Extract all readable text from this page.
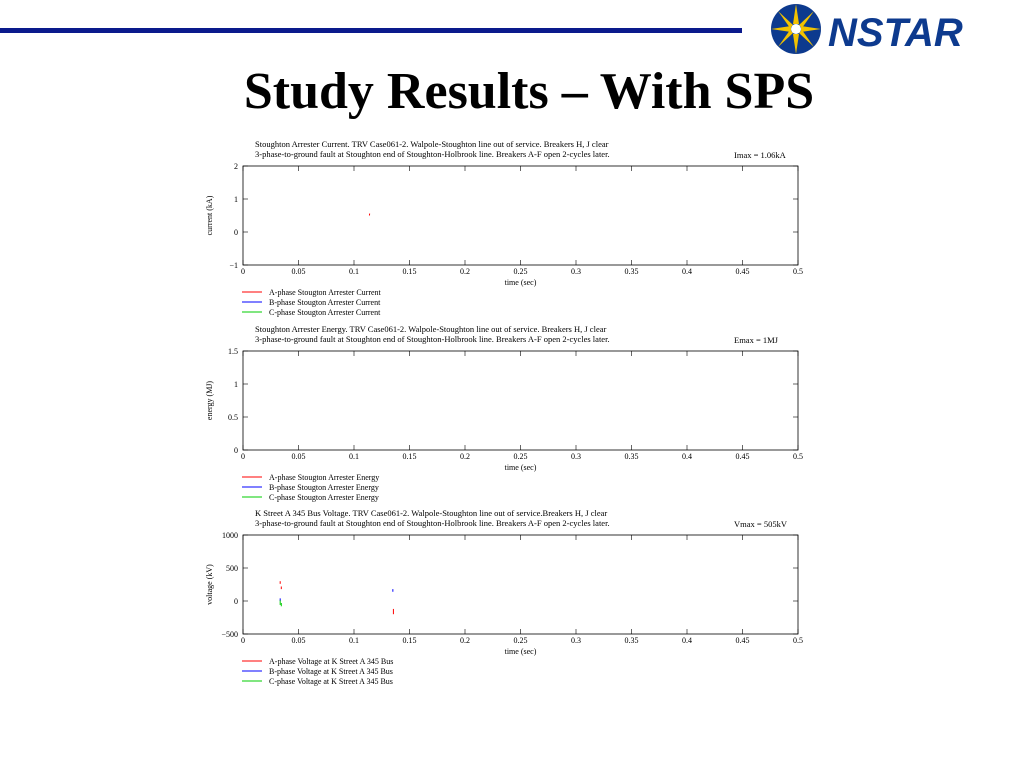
NSTAR
Study Results – With SPS
Stoughton Arrester Current. TRV Case061-2. Walpole-Stoughton line out of service. Breakers H, J clear
3-phase-to-ground fault at Stoughton end of Stoughton-Holbrook line. Breakers A-F open 2-cycles later.	Imax = 1.06kA
0	0.05	0.1	0.15	0.2	0.25	0.3	0.35	0.4	0.45	0.5
−1
0
1
2
time (sec)
current (kA)
A-phase Stougton Arrester Current
B-phase Stougton Arrester Current
C-phase Stougton Arrester Current
Stoughton Arrester Energy. TRV Case061-2. Walpole-Stoughton line out of service. Breakers H, J clear
3-phase-to-ground fault at Stoughton end of Stoughton-Holbrook line. Breakers A-F open 2-cycles later.	Emax = 1MJ
0	0.05	0.1	0.15	0.2	0.25	0.3	0.35	0.4	0.45	0.5
0
0.5
1
1.5
time (sec)
energy (MJ)
A-phase Stougton Arrester Energy
B-phase Stougton Arrester Energy
C-phase Stougton Arrester Energy
K Street A 345 Bus Voltage. TRV Case061-2. Walpole-Stoughton line out of service.Breakers H, J clear
3-phase-to-ground fault at Stoughton end of Stoughton-Holbrook line. Breakers A-F open 2-cycles later.	Vmax = 505kV
0	0.05	0.1	0.15	0.2	0.25	0.3	0.35	0.4	0.45	0.5
−500
0
500
1000
time (sec)
voltage (kV)
A-phase Voltage at K Street A 345 Bus
B-phase Voltage at K Street A 345 Bus
C-phase Voltage at K Street A 345 Bus
